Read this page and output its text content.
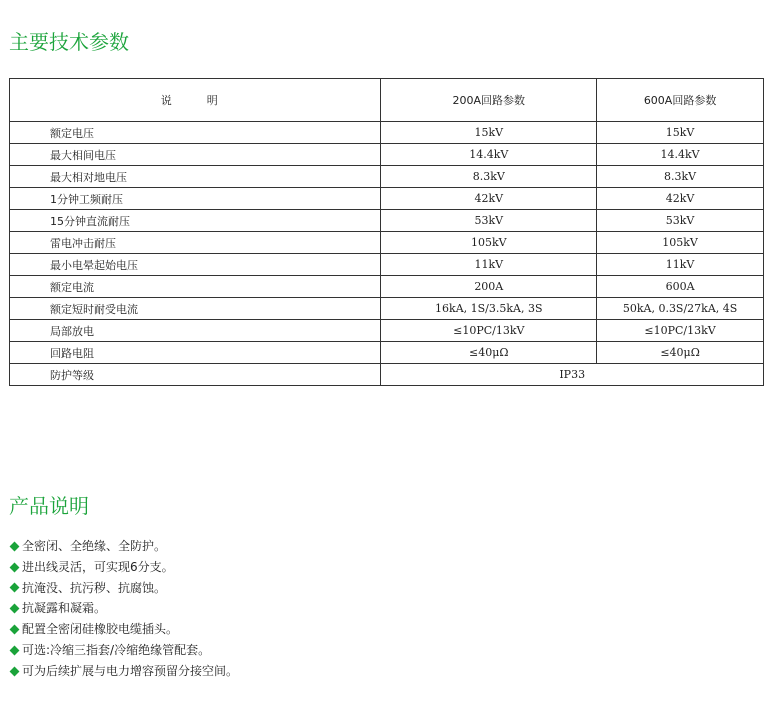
主要技术参数
说　明	200A回路参数	600A回路参数
额定电压	15kV	15kV
最大相间电压	14.4kV	14.4kV
最大相对地电压	8.3kV	8.3kV
1分钟工频耐压	42kV	42kV
15分钟直流耐压	53kV	53kV
雷电冲击耐压	105kV	105kV
最小电晕起始电压	11kV	11kV
额定电流	200A	600A
额定短时耐受电流	16kA, 1S/3.5kA, 3S	50kA, 0.3S/27kA, 4S
局部放电	≤10PC/13kV	≤10PC/13kV
回路电阻	≤40μΩ	≤40μΩ
防护等级	IP33	
产品说明
全密闭、全绝缘、全防护。
进出线灵活，可实现6分支。
抗淹没、抗污秽、抗腐蚀。
抗凝露和凝霜。
配置全密闭硅橡胶电缆插头。
可选:冷缩三指套/冷缩绝缘管配套。
可为后续扩展与电力增容预留分接空间。
